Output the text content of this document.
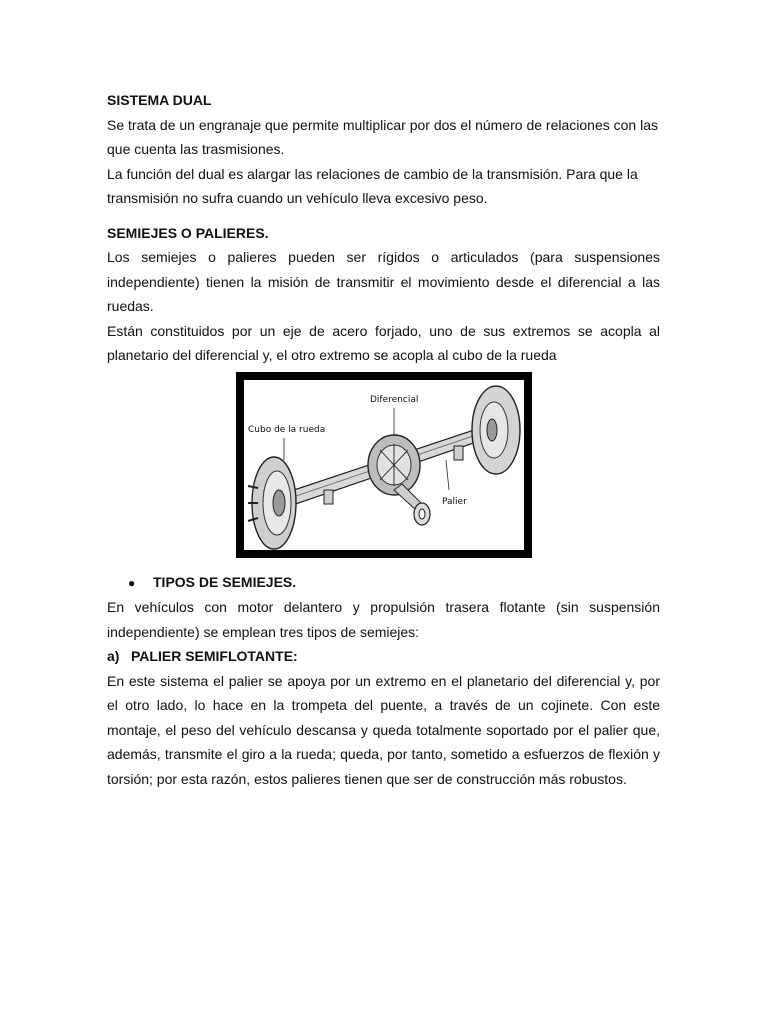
SISTEMA DUAL

Se trata de un engranaje que permite multiplicar por dos el número de relaciones con las

que cuenta las trasmisiones.

La función del dual es alargar las relaciones de cambio de la transmisión. Para que la transmisión no sufra cuando un vehículo lleva excesivo peso.

SEMIEJES O PALIERES.

Los semiejes o palieres pueden ser rígidos o articulados (para suspensiones independiente) tienen la misión de transmitir el movimiento desde el diferencial a las ruedas.

Están constituidos por un eje de acero forjado, uno de sus extremos se acopla al planetario del diferencial y, el otro extremo se acopla al cubo de la rueda

Cubo de la rueda
Diferencial
Palier
●	TIPOS DE SEMIEJES.

En vehículos con motor delantero y propulsión trasera flotante (sin suspensión independiente) se emplean tres tipos de semiejes:

a) PALIER SEMIFLOTANTE:

En este sistema el palier se apoya por un extremo en el planetario del diferencial y, por el otro lado, lo hace en la trompeta del puente, a través de un cojinete. Con este montaje, el peso del vehículo descansa y queda totalmente soportado por el palier que, además, transmite el giro a la rueda; queda, por tanto, sometido a esfuerzos de flexión y torsión; por esta razón, estos palieres tienen que ser de construcción más robustos.
